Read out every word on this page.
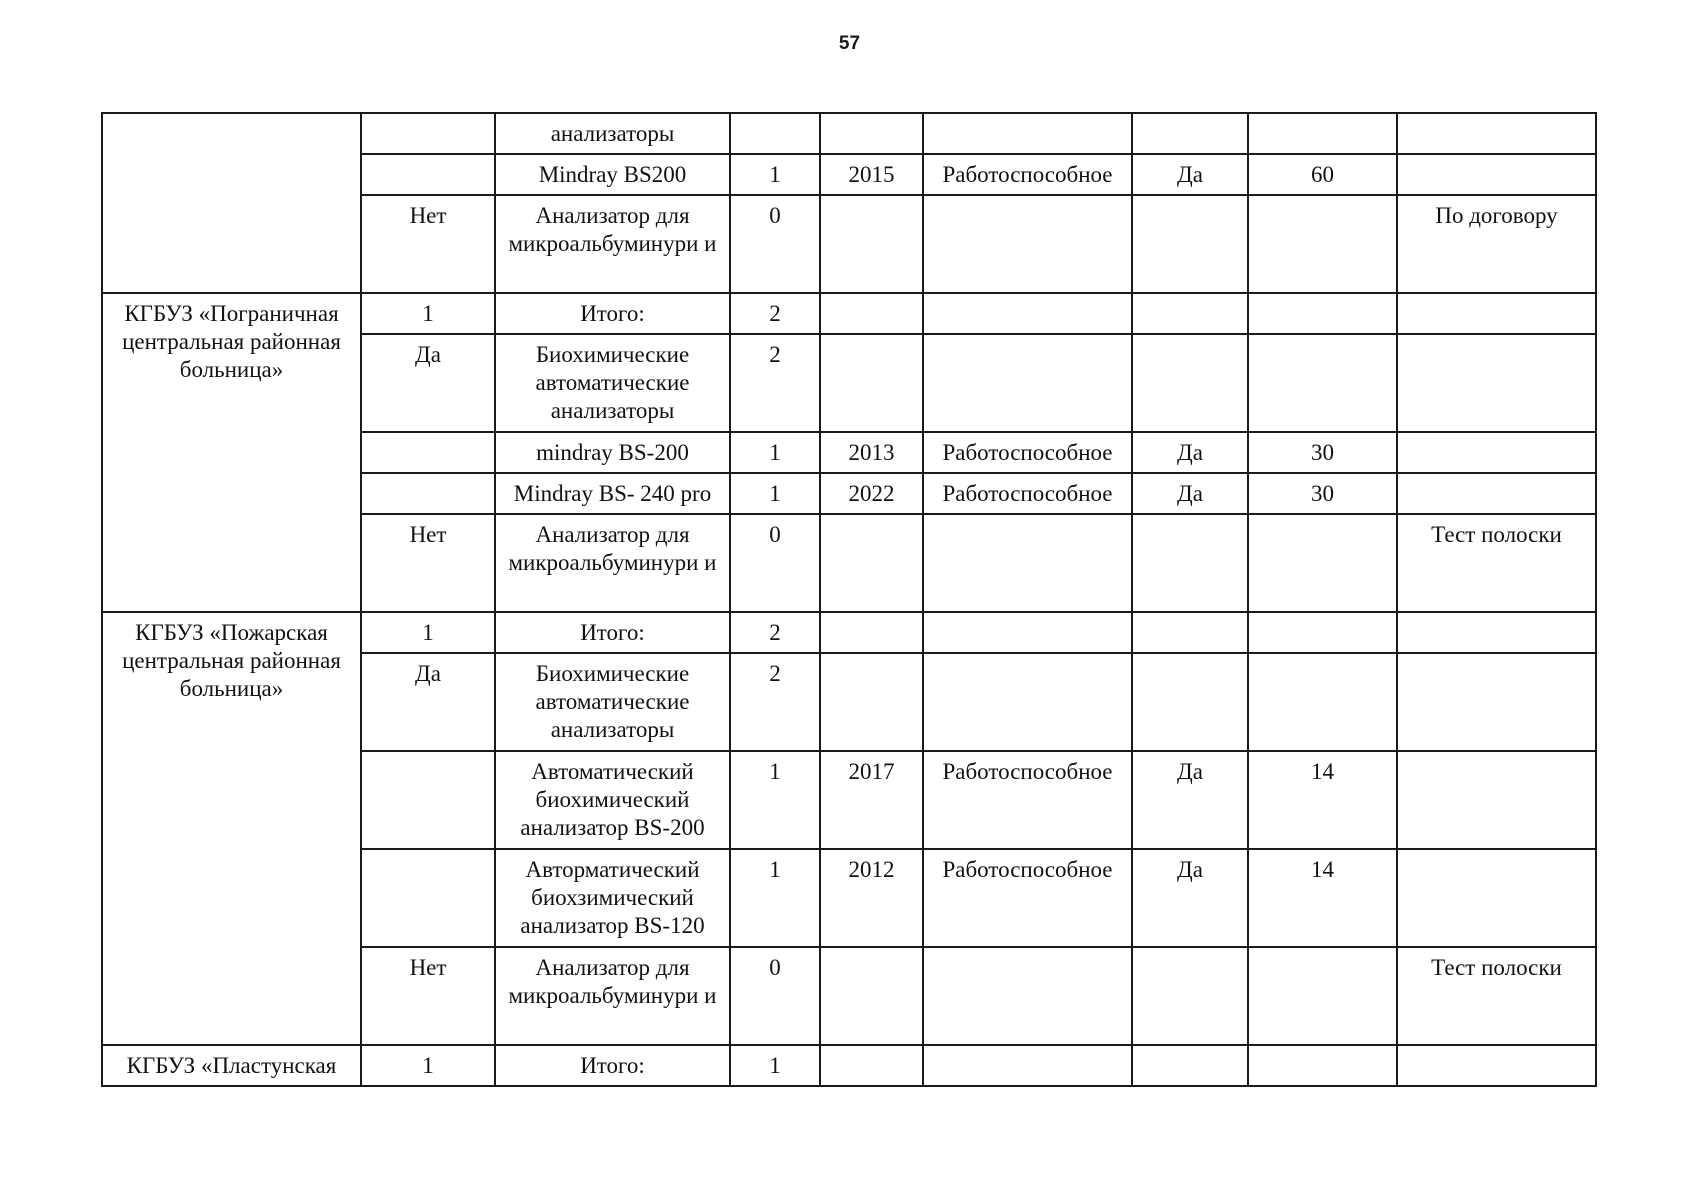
57
		анализаторы						
		Mindray BS200	1	2015	Работоспособное	Да	60	
	Нет	Анализатор для микроальбуминури и	0					По договору
КГБУЗ «Пограничная центральная районная больница»	1	Итого:	2					
	Да	Биохимические автоматические анализаторы	2					
		mindray BS-200	1	2013	Работоспособное	Да	30	
		Mindray BS- 240 pro	1	2022	Работоспособное	Да	30	
	Нет	Анализатор для микроальбуминури и	0					Тест полоски
КГБУЗ «Пожарская центральная районная больница»	1	Итого:	2					
	Да	Биохимические автоматические анализаторы	2					
		Автоматический биохимический анализатор BS-200	1	2017	Работоспособное	Да	14	
		Авторматический биохзимический анализатор BS-120	1	2012	Работоспособное	Да	14	
	Нет	Анализатор для микроальбуминури и	0					Тест полоски
КГБУЗ «Пластунская	1	Итого:	1					
